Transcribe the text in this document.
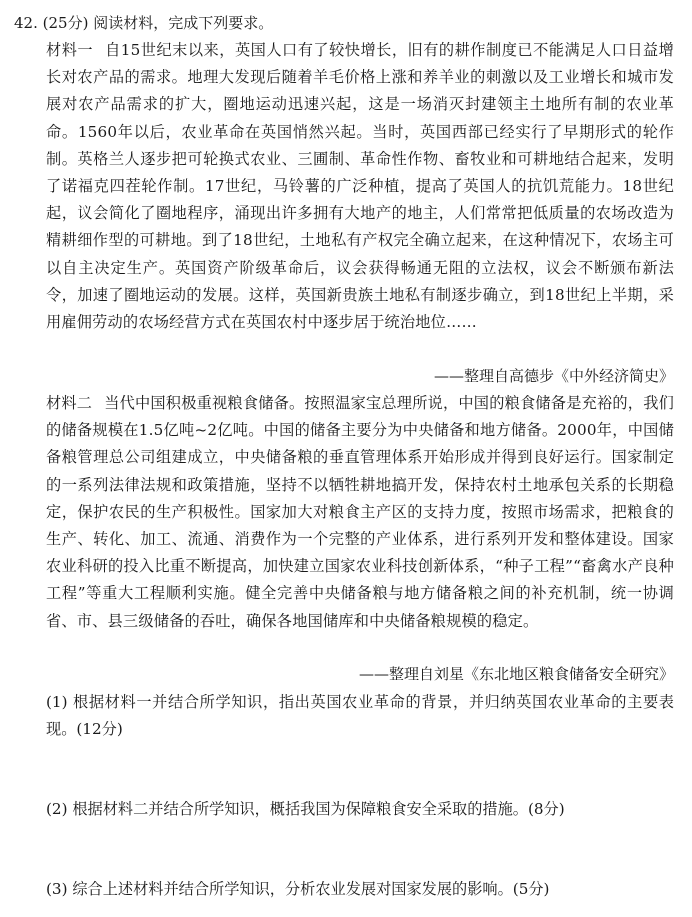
42. (25分) 阅读材料，完成下列要求。

材料一 自15世纪末以来，英国人口有了较快增长，旧有的耕作制度已不能满足人口日益增长对农产品的需求。地理大发现后随着羊毛价格上涨和养羊业的刺激以及工业增长和城市发展对农产品需求的扩大，圈地运动迅速兴起，这是一场消灭封建领主土地所有制的农业革命。1560年以后，农业革命在英国悄然兴起。当时，英国西部已经实行了早期形式的轮作制。英格兰人逐步把可轮换式农业、三圃制、革命性作物、畜牧业和可耕地结合起来，发明了诺福克四茬轮作制。17世纪，马铃薯的广泛种植，提高了英国人的抗饥荒能力。18世纪起，议会简化了圈地程序，涌现出许多拥有大地产的地主，人们常常把低质量的农场改造为精耕细作型的可耕地。到了18世纪，土地私有产权完全确立起来，在这种情况下，农场主可以自主决定生产。英国资产阶级革命后，议会获得畅通无阻的立法权，议会不断颁布新法令，加速了圈地运动的发展。这样，英国新贵族土地私有制逐步确立，到18世纪上半期，采用雇佣劳动的农场经营方式在英国农村中逐步居于统治地位……

——整理自高德步《中外经济简史》

材料二 当代中国积极重视粮食储备。按照温家宝总理所说，中国的粮食储备是充裕的，我们的储备规模在1.5亿吨~2亿吨。中国的储备主要分为中央储备和地方储备。2000年，中国储备粮管理总公司组建成立，中央储备粮的垂直管理体系开始形成并得到良好运行。国家制定的一系列法律法规和政策措施，坚持不以牺牲耕地搞开发，保持农村土地承包关系的长期稳定，保护农民的生产积极性。国家加大对粮食主产区的支持力度，按照市场需求，把粮食的生产、转化、加工、流通、消费作为一个完整的产业体系，进行系列开发和整体建设。国家农业科研的投入比重不断提高，加快建立国家农业科技创新体系，“种子工程”“畜禽水产良种工程”等重大工程顺利实施。健全完善中央储备粮与地方储备粮之间的补充机制，统一协调省、市、县三级储备的吞吐，确保各地国储库和中央储备粮规模的稳定。

——整理自刘星《东北地区粮食储备安全研究》

(1) 根据材料一并结合所学知识，指出英国农业革命的背景，并归纳英国农业革命的主要表现。(12分)

(2) 根据材料二并结合所学知识，概括我国为保障粮食安全采取的措施。(8分)

(3) 综合上述材料并结合所学知识，分析农业发展对国家发展的影响。(5分)
